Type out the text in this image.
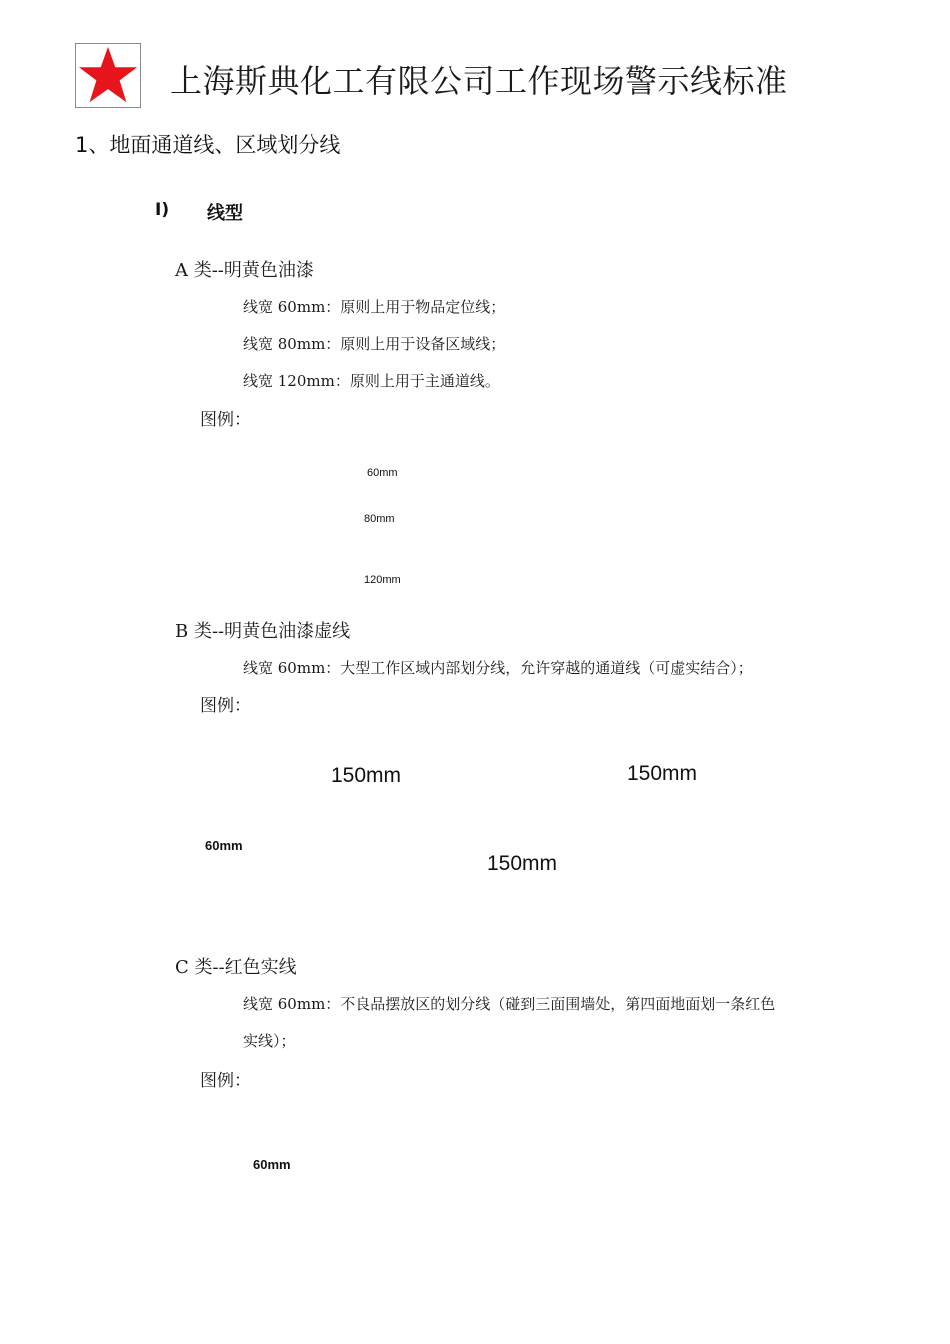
上海斯典化工有限公司工作现场警示线标准
1、地面通道线、区域划分线
I) 线型
A 类--明黄色油漆
线宽 60mm：原则上用于物品定位线；
线宽 80mm：原则上用于设备区域线；
线宽 120mm：原则上用于主通道线。
图例：
60mm
80mm
120mm
B 类--明黄色油漆虚线
线宽 60mm：大型工作区域内部划分线，允许穿越的通道线（可虚实结合）；
图例：
150mm	150mm
60mm
150mm
C 类--红色实线
线宽 60mm：不良品摆放区的划分线（碰到三面围墙处，第四面地面划一条红色
实线）；
图例：
60mm
